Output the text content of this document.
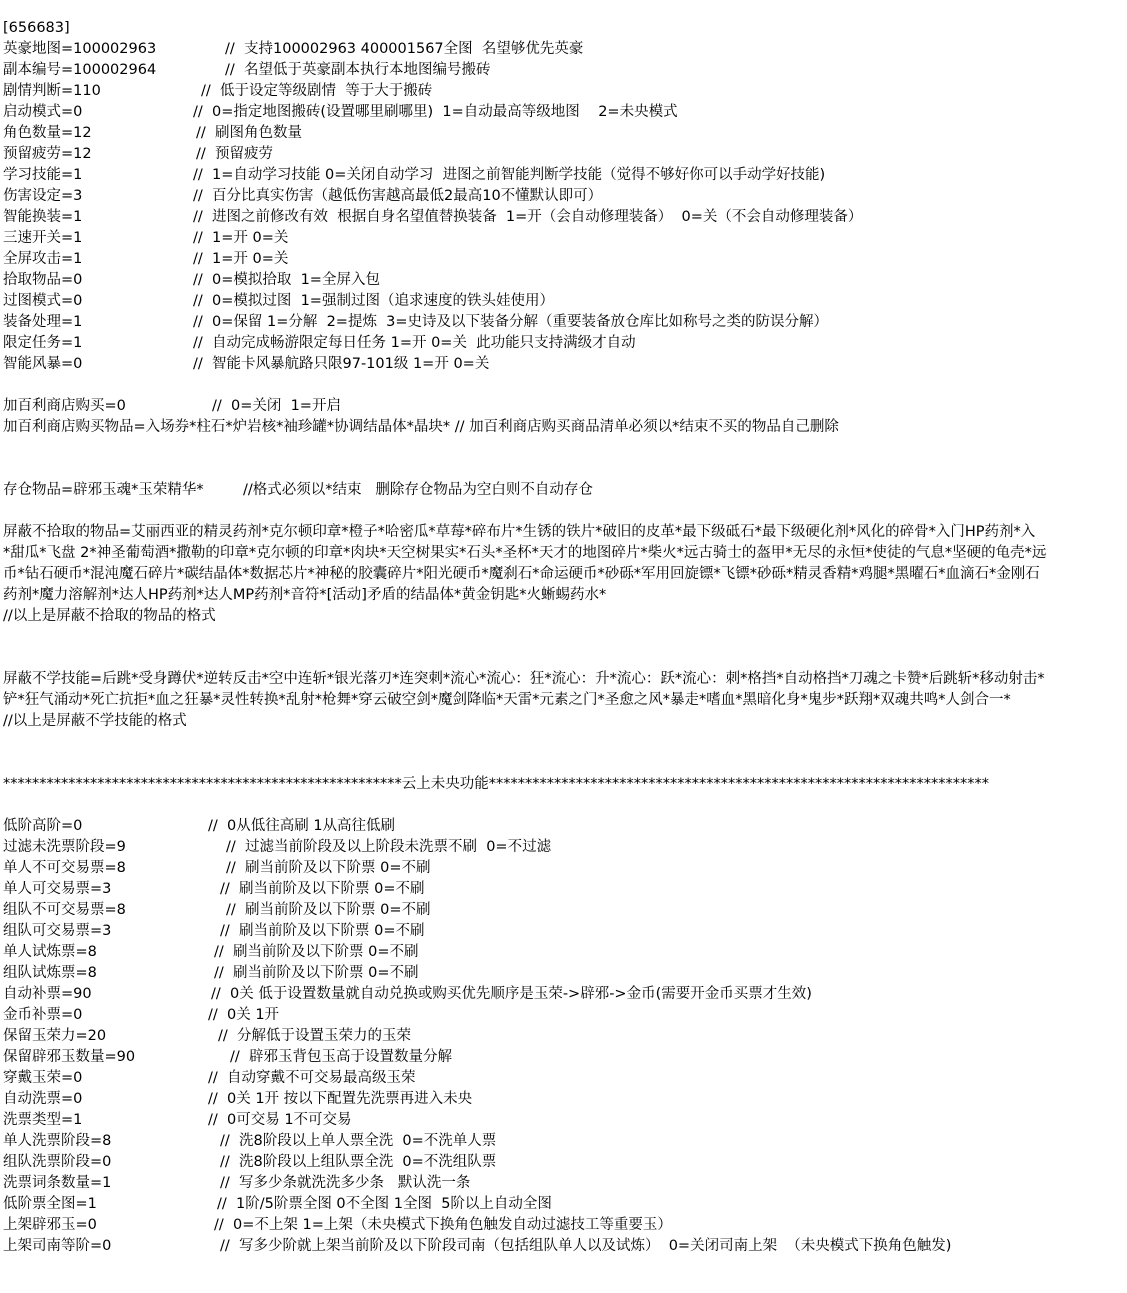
[656683]
英豪地图=100002963	//  支持100002963 400001567全图  名望够优先英豪
副本编号=100002964	//  名望低于英豪副本执行本地图编号搬砖
剧情判断=110	//  低于设定等级剧情  等于大于搬砖
启动模式=0	//  0=指定地图搬砖(设置哪里刷哪里)  1=自动最高等级地图    2=未央模式
角色数量=12	//  刷图角色数量
预留疲劳=12	//  预留疲劳
学习技能=1	//  1=自动学习技能 0=关闭自动学习  进图之前智能判断学技能（觉得不够好你可以手动学好技能)
伤害设定=3	//  百分比真实伤害（越低伤害越高最低2最高10不懂默认即可）
智能换装=1	//  进图之前修改有效  根据自身名望值替换装备  1=开（会自动修理装备）  0=关（不会自动修理装备）
三速开关=1	//  1=开 0=关
全屏攻击=1	//  1=开 0=关
拾取物品=0	//  0=模拟拾取  1=全屏入包
过图模式=0	//  0=模拟过图  1=强制过图（追求速度的铁头娃使用）
装备处理=1	//  0=保留 1=分解  2=提炼  3=史诗及以下装备分解（重要装备放仓库比如称号之类的防误分解）
限定任务=1	//  自动完成畅游限定每日任务 1=开 0=关  此功能只支持满级才自动
智能风暴=0	//  智能卡风暴航路只限97-101级 1=开 0=关
加百利商店购买=0	//  0=关闭  1=开启
加百利商店购买物品=入场券*柱石*炉岩核*袖珍罐*协调结晶体*晶块* // 加百利商店购买商品清单必须以*结束不买的物品自己删除
存仓物品=辟邪玉魂*玉荣精华*	//格式必须以*结束   删除存仓物品为空白则不自动存仓
屏蔽不拾取的物品=艾丽西亚的精灵药剂*克尔顿印章*橙子*哈密瓜*草莓*碎布片*生锈的铁片*破旧的皮革*最下级砥石*最下级硬化剂*风化的碎骨*入门HP药剂*入
*甜瓜*飞盘 2*神圣葡萄酒*撒勒的印章*克尔顿的印章*肉块*天空树果实*石头*圣杯*天才的地图碎片*柴火*远古骑士的盔甲*无尽的永恒*使徒的气息*坚硬的龟壳*远
币*钻石硬币*混沌魔石碎片*碳结晶体*数据芯片*神秘的胶囊碎片*阳光硬币*魔刹石*命运硬币*砂砾*军用回旋镖*飞镖*砂砾*精灵香精*鸡腿*黑曜石*血滴石*金刚石
药剂*魔力溶解剂*达人HP药剂*达人MP药剂*音符*[活动]矛盾的结晶体*黄金钥匙*火蜥蜴药水*
//以上是屏蔽不拾取的物品的格式
屏蔽不学技能=后跳*受身蹲伏*逆转反击*空中连斩*银光落刃*连突刺*流心*流心：狂*流心：升*流心：跃*流心：刺*格挡*自动格挡*刀魂之卡赞*后跳斩*移动射击*
铲*狂气涌动*死亡抗拒*血之狂暴*灵性转换*乱射*枪舞*穿云破空剑*魔剑降临*天雷*元素之门*圣愈之风*暴走*嗜血*黑暗化身*鬼步*跃翔*双魂共鸣*人剑合一*
//以上是屏蔽不学技能的格式
*******************************************************云上未央功能*********************************************************************
低阶高阶=0	//  0从低往高刷 1从高往低刷
过滤未洗票阶段=9	//  过滤当前阶段及以上阶段未洗票不刷  0=不过滤
单人不可交易票=8	//  刷当前阶及以下阶票 0=不刷
单人可交易票=3	//  刷当前阶及以下阶票 0=不刷
组队不可交易票=8	//  刷当前阶及以下阶票 0=不刷
组队可交易票=3	//  刷当前阶及以下阶票 0=不刷
单人试炼票=8	//  刷当前阶及以下阶票 0=不刷
组队试炼票=8	//  刷当前阶及以下阶票 0=不刷
自动补票=90	//  0关 低于设置数量就自动兑换或购买优先顺序是玉荣->辟邪->金币(需要开金币买票才生效)
金币补票=0	//  0关 1开
保留玉荣力=20	//  分解低于设置玉荣力的玉荣
保留辟邪玉数量=90	//  辟邪玉背包玉高于设置数量分解
穿戴玉荣=0	//  自动穿戴不可交易最高级玉荣
自动洗票=0	//  0关 1开 按以下配置先洗票再进入未央
洗票类型=1	//  0可交易 1不可交易
单人洗票阶段=8	//  洗8阶段以上单人票全洗  0=不洗单人票
组队洗票阶段=0	//  洗8阶段以上组队票全洗  0=不洗组队票
洗票词条数量=1	//  写多少条就洗洗多少条   默认洗一条
低阶票全图=1	//  1阶/5阶票全图 0不全图 1全图  5阶以上自动全图
上架辟邪玉=0	//  0=不上架 1=上架（未央模式下换角色触发自动过滤技工等重要玉）
上架司南等阶=0	//  写多少阶就上架当前阶及以下阶段司南（包括组队单人以及试炼）  0=关闭司南上架  （未央模式下换角色触发)
